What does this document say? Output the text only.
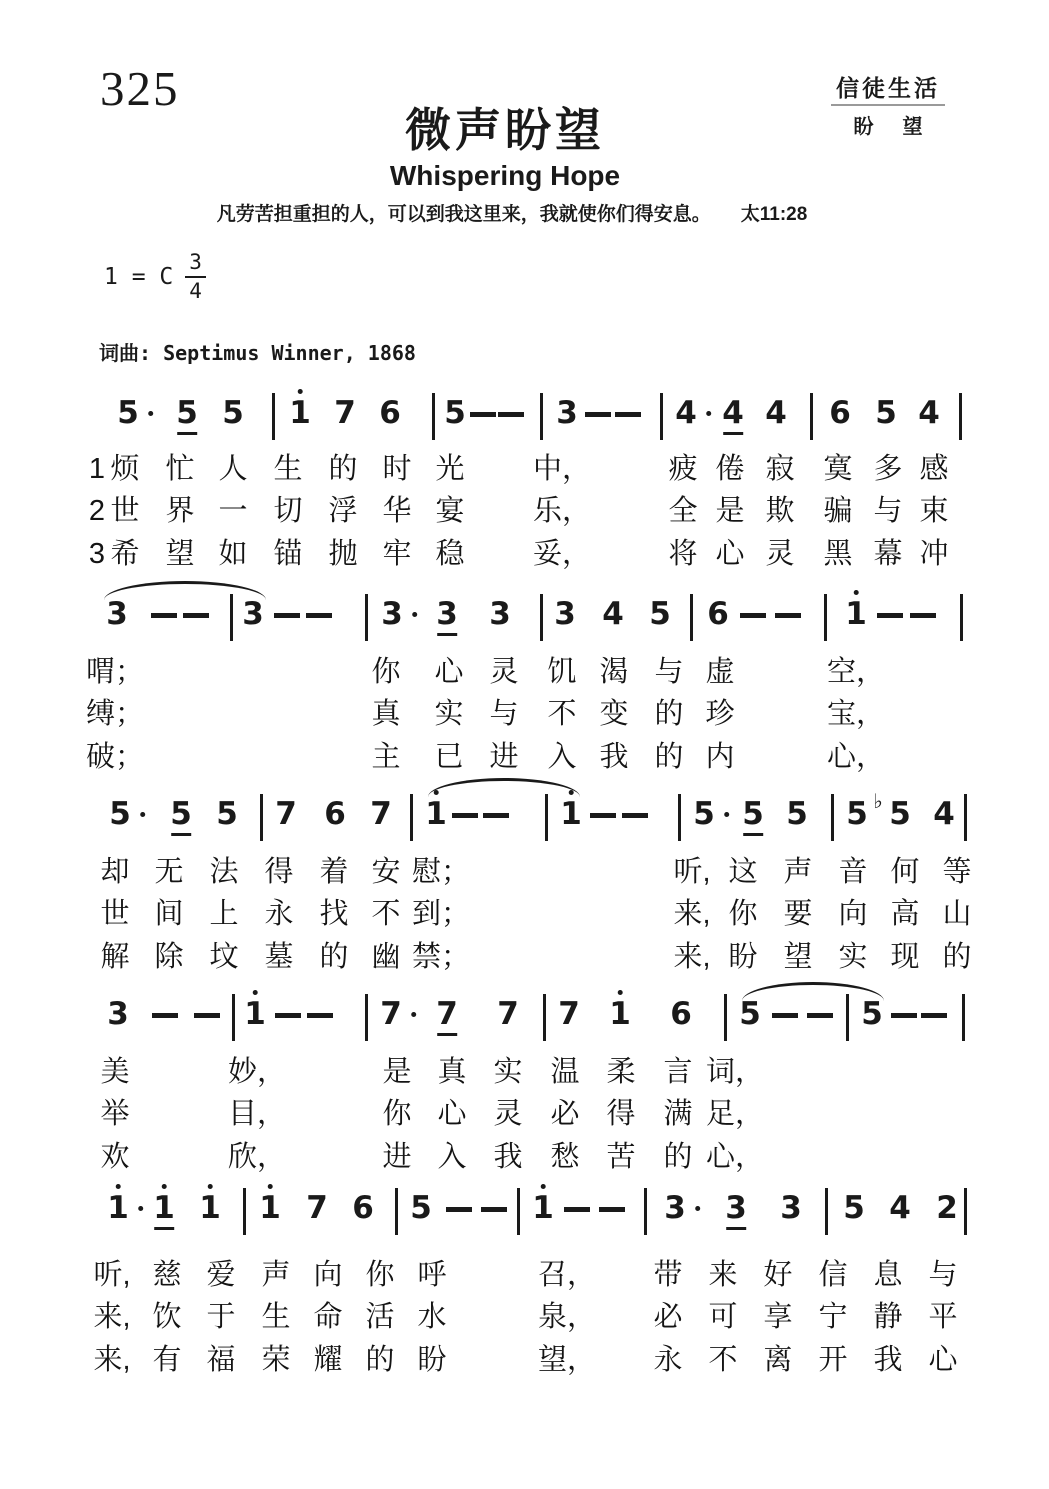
325
微声盼望
Whispering Hope
凡劳苦担重担的人，可以到我这里来，我就使你们得安息。 太11:28
信徒生活
盼 望
1 = C $\frac{3}{4}$
词曲: Septimus Winner, 1868
5 5 5 1 7 6 5	3	4 4 4 6 5 4
1 烦 忙 人 生 的 时 光 中，	疲 倦 寂 寞 多 感
2 世 界 一 切 浮 华 宴 乐，	全 是 欺 骗 与 束
3 希 望 如 锚 抛 牢 稳 妥，	将 心 灵 黑 幕 冲
3	3	3 3 3 3 4 5 6	1
喟；	你 心 灵 饥 渴 与 虚	空，
缚；	真 实 与 不 变 的 珍	宝，
破；	主 已 进 入 我 的 内	心，
5 5 5 7 6 7 1	1	5 5 5 5 5
♭ 4
却 无 法 得 着 安 慰；	听, 这 声 音 何 等
世 间 上 永 找 不 到；	来, 你 要 向 高 山
解 除 坟 墓 的 幽 禁；	来, 盼 望 实 现 的
3	1	7 7 7 7 1 6 5	5
美	妙，	是 真 实 温 柔 言 词，
举	目，	你 心 灵 必 得 满 足，
欢	欣，	进 入 我 愁 苦 的 心，
1 1 1 1 7 6 5	1	3 3 3 5 4 2
听, 慈 爱 声 向 你 呼	召， 带 来 好 信 息 与
来, 饮 于 生 命 活 水	泉， 必 可 享 宁 静 平
来, 有 福 荣 耀 的 盼	望， 永 不 离 开 我 心
